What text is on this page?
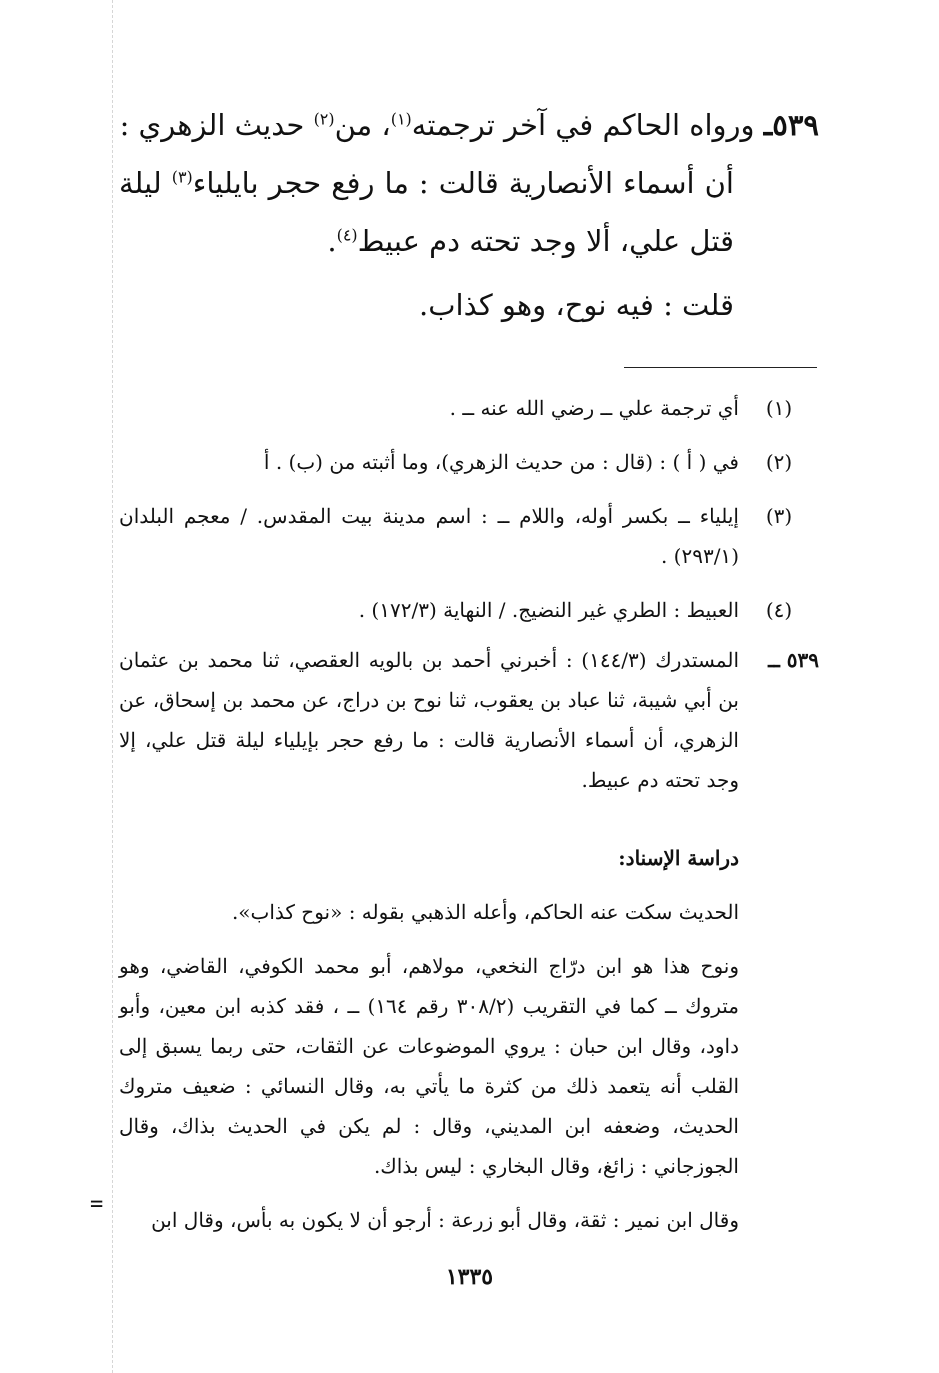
٥٣٩ـ ورواه الحاكم في آخر ترجمته$^{(١)}$، من$^{(٢)}$ حديث الزهري :

أن أسماء الأنصارية قالت : ما رفع حجر بايلياء$^{(٣)}$ ليلة قتل علي، ألا وجد تحته دم عبيط$^{(٤)}$.

قلت : فيه نوح، وهو كذاب.

(١)
أي ترجمة علي ــ رضي الله عنه ــ .
(٢)
في ( أ ) : (قال : من حديث الزهري)، وما أثبته من (ب) . أ
(٣)
إيلياء ــ بكسر أوله، واللام ــ : اسم مدينة بيت المقدس. / معجم البلدان (٢٩٣/١) .
(٤)
العبيط : الطري غير النضيج. / النهاية (١٧٢/٣) .
٥٣٩ ــ
المستدرك (١٤٤/٣) : أخبرني أحمد بن بالويه العقصي، ثنا محمد بن عثمان بن أبي شيبة، ثنا عباد بن يعقوب، ثنا نوح بن دراج، عن محمد بن إسحاق، عن الزهري، أن أسماء الأنصارية قالت : ما رفع حجر بإيلياء ليلة قتل علي، إلا وجد تحته دم عبيط.

دراسة الإسناد:

الحديث سكت عنه الحاكم، وأعله الذهبي بقوله : «نوح كذاب».

ونوح هذا هو ابن درّاج النخعي، مولاهم، أبو محمد الكوفي، القاضي، وهو متروك ــ كما في التقريب (٣٠٨/٢ رقم ١٦٤) ــ ، فقد كذبه ابن معين، وأبو داود، وقال ابن حبان : يروي الموضوعات عن الثقات، حتى ربما يسبق إلى القلب أنه يتعمد ذلك من كثرة ما يأتي به، وقال النسائي : ضعيف متروك الحديث، وضعفه ابن المديني، وقال : لم يكن في الحديث بذاك، وقال الجوزجاني : زائغ، وقال البخاري : ليس بذاك.

وقال ابن نمير : ثقة، وقال أبو زرعة : أرجو أن لا يكون به بأس، وقال ابن

=
١٣٣٥
